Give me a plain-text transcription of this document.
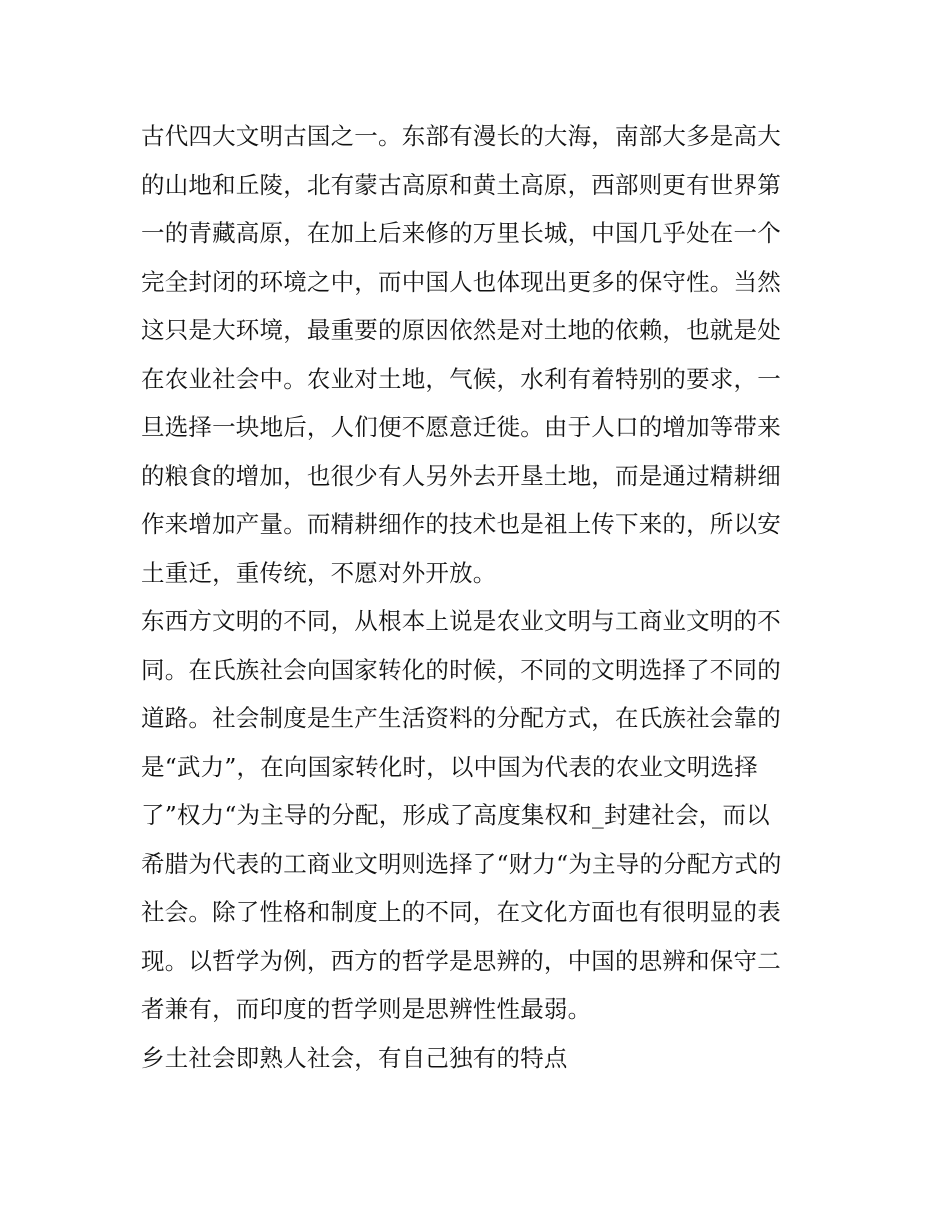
古代四大文明古国之一。东部有漫长的大海，南部大多是高大
的山地和丘陵，北有蒙古高原和黄土高原，西部则更有世界第
一的青藏高原，在加上后来修的万里长城，中国几乎处在一个
完全封闭的环境之中，而中国人也体现出更多的保守性。当然
这只是大环境，最重要的原因依然是对土地的依赖，也就是处
在农业社会中。农业对土地，气候，水利有着特别的要求，一
旦选择一块地后，人们便不愿意迁徙。由于人口的增加等带来
的粮食的增加，也很少有人另外去开垦土地，而是通过精耕细
作来增加产量。而精耕细作的技术也是祖上传下来的，所以安
土重迁，重传统，不愿对外开放。
东西方文明的不同，从根本上说是农业文明与工商业文明的不
同。在氏族社会向国家转化的时候，不同的文明选择了不同的
道路。社会制度是生产生活资料的分配方式，在氏族社会靠的
是“武力”，在向国家转化时，以中国为代表的农业文明选择
了”权力“为主导的分配，形成了高度集权和_封建社会，而以
希腊为代表的工商业文明则选择了“财力“为主导的分配方式的
社会。除了性格和制度上的不同，在文化方面也有很明显的表
现。以哲学为例，西方的哲学是思辨的，中国的思辨和保守二
者兼有，而印度的哲学则是思辨性性最弱。
乡土社会即熟人社会，有自己独有的特点
